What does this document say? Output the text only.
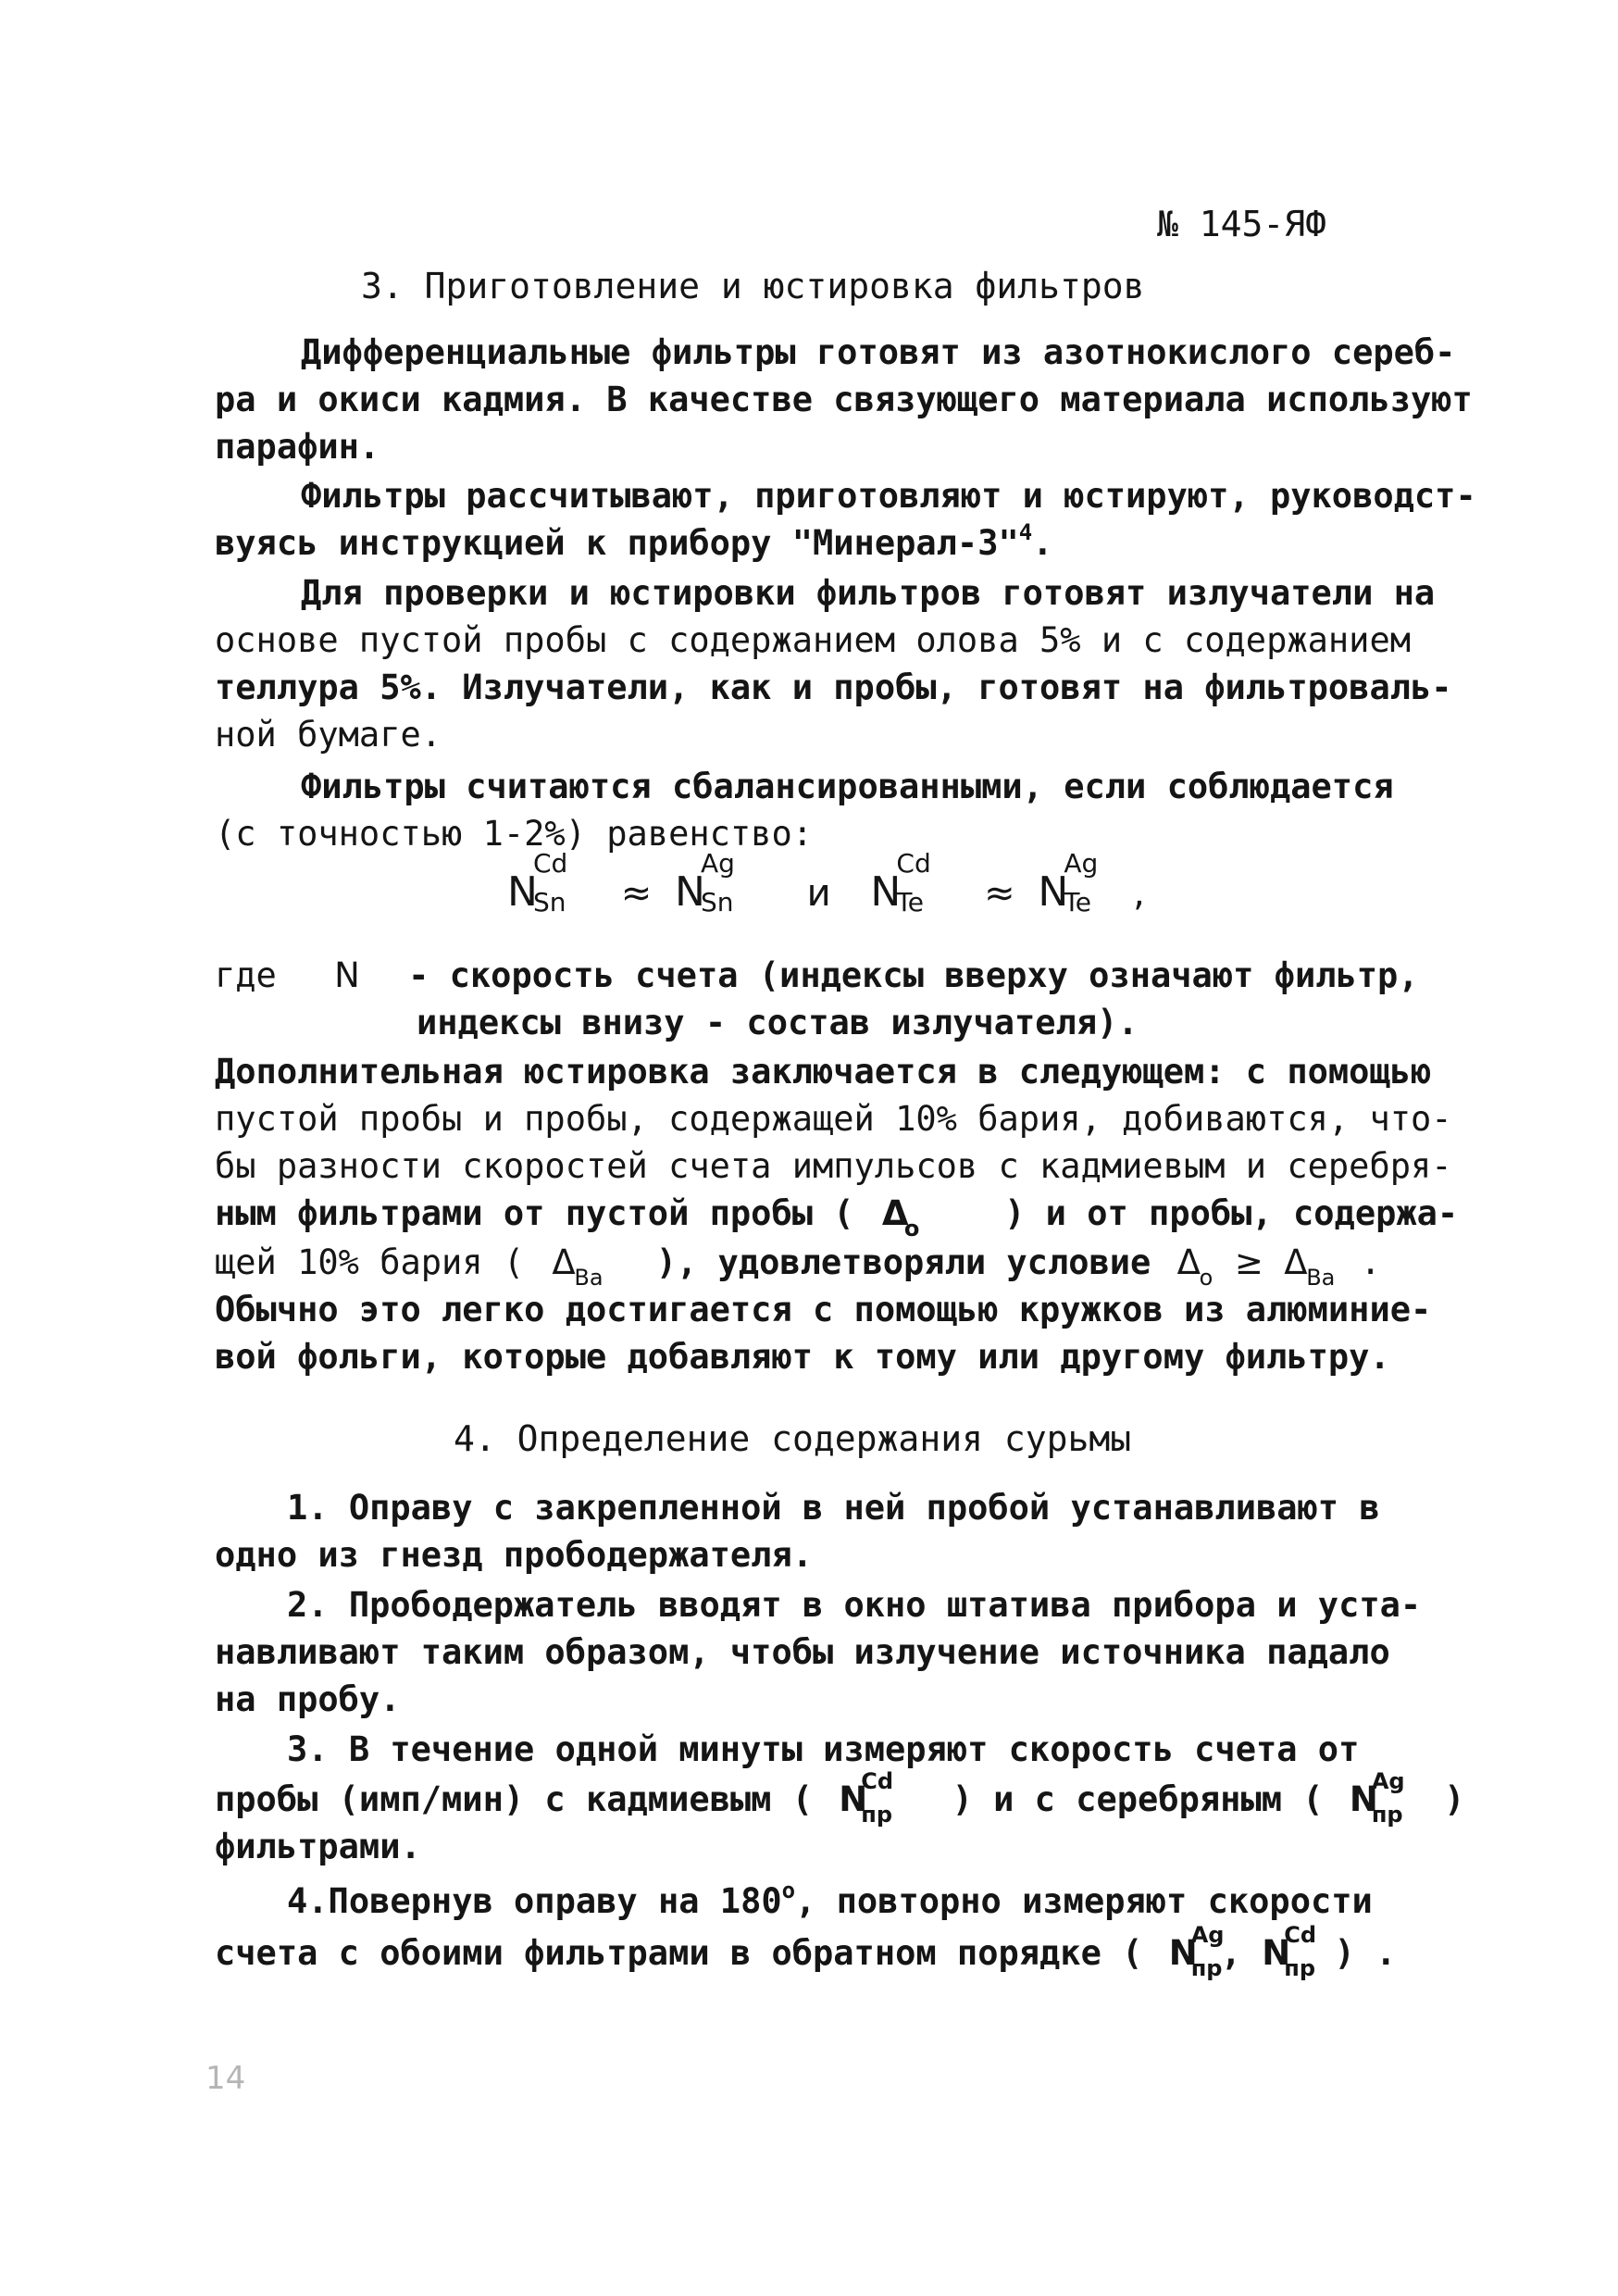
№ 145-ЯФ
3. Приготовление и юстировка фильтров
Дифференциальные фильтры готовят из азотнокислого сереб-
ра и окиси кадмия. В качестве связующего материала используют
парафин.
Фильтры рассчитывают, приготовляют и юстируют, руководст-
вуясь инструкцией к прибору "Минерал-3"$^4$.
Для проверки и юстировки фильтров готовят излучатели на
основе пустой пробы с содержанием олова 5% и с содержанием
теллура 5%. Излучатели, как и пробы, готовят на фильтроваль-
ной бумаге.
Фильтры считаются сбалансированными, если соблюдается
(с точностью 1-2%) равенство:
N
Cd
Sn ≈ N
Ag
Sn и N
Cd
Te ≈ N
Ag
Te ,
где N - скорость счета (индексы вверху означают фильтр,
индексы внизу - состав излучателя).
Дополнительная юстировка заключается в следующем: с помощью
пустой пробы и пробы, содержащей 10% бария, добиваются, что-
бы разности скоростей счета импульсов с кадмиевым и серебря-
ным фильтрами от пустой пробы ( Δ
o ) и от пробы, содержа-
щей 10% бария ( Δ
Ba ), удовлетворяли условие Δ
o ≥ Δ
Ba .
Обычно это легко достигается с помощью кружков из алюминие-
вой фольги, которые добавляют к тому или другому фильтру.
4. Определение содержания сурьмы
1. Оправу с закрепленной в ней пробой устанавливают в
одно из гнезд прободержателя.
2. Прободержатель вводят в окно штатива прибора и уста-
навливают таким образом, чтобы излучение источника падало
на пробу.
3. В течение одной минуты измеряют скорость счета от
пробы (имп/мин) с кадмиевым ( N
Cd
пр ) и с серебряным ( N
Ag
пр )
фильтрами.
4.Повернув оправу на 180$^o$, повторно измеряют скорости
счета с обоими фильтрами в обратном порядке ( N
Ag
пр
, N
Cd
пр ) .
14
